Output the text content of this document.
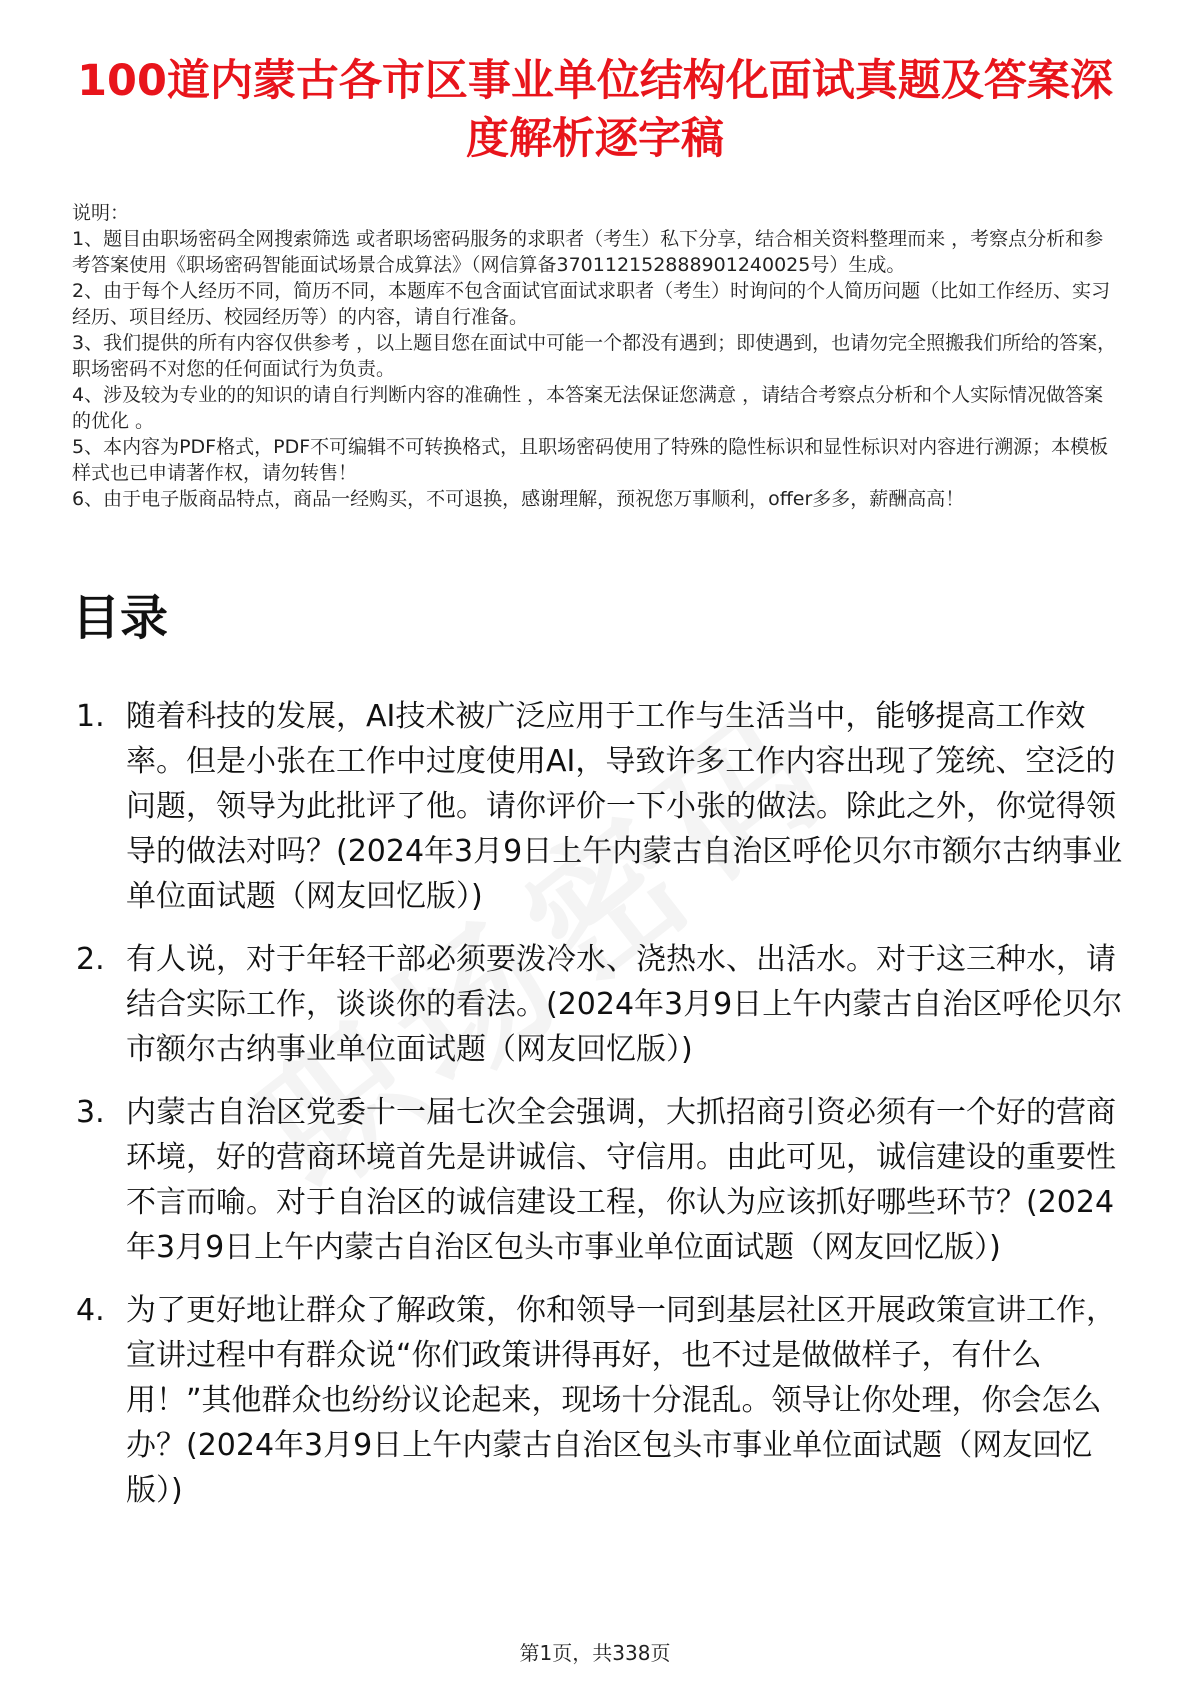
100道内蒙古各市区事业单位结构化面试真题及答案深度解析逐字稿

说明：

1、题目由职场密码全网搜索筛选 或者职场密码服务的求职者（考生）私下分享，结合相关资料整理而来 ，考察点分析和参考答案使用《职场密码智能面试场景合成算法》（网信算备370112152888901240025号）生成。

2、由于每个人经历不同，简历不同，本题库不包含面试官面试求职者（考生）时询问的个人简历问题（比如工作经历、实习经历、项目经历、校园经历等）的内容，请自行准备。

3、我们提供的所有内容仅供参考 ，以上题目您在面试中可能一个都没有遇到；即使遇到，也请勿完全照搬我们所给的答案，职场密码不对您的任何面试行为负责。

4、涉及较为专业的的知识的请自行判断内容的准确性 ，本答案无法保证您满意 ，请结合考察点分析和个人实际情况做答案的优化 。

5、本内容为PDF格式，PDF不可编辑不可转换格式，且职场密码使用了特殊的隐性标识和显性标识对内容进行溯源；本模板样式也已申请著作权，请勿转售！

6、由于电子版商品特点，商品一经购买，不可退换，感谢理解，预祝您万事顺利，offer多多，薪酬高高！

目录
1. 随着科技的发展，AI技术被广泛应用于工作与生活当中，能够提高工作效率。但是小张在工作中过度使用AI，导致许多工作内容出现了笼统、空泛的问题，领导为此批评了他。请你评价一下小张的做法。除此之外，你觉得领导的做法对吗？(2024年3月9日上午内蒙古自治区呼伦贝尔市额尔古纳事业单位面试题（网友回忆版）)
2. 有人说，对于年轻干部必须要泼冷水、浇热水、出活水。对于这三种水，请结合实际工作，谈谈你的看法。(2024年3月9日上午内蒙古自治区呼伦贝尔市额尔古纳事业单位面试题（网友回忆版）)
3. 内蒙古自治区党委十一届七次全会强调，大抓招商引资必须有一个好的营商环境，好的营商环境首先是讲诚信、守信用。由此可见，诚信建设的重要性不言而喻。对于自治区的诚信建设工程，你认为应该抓好哪些环节？(2024年3月9日上午内蒙古自治区包头市事业单位面试题（网友回忆版）)
4. 为了更好地让群众了解政策，你和领导一同到基层社区开展政策宣讲工作，宣讲过程中有群众说“你们政策讲得再好，也不过是做做样子，有什么用！”其他群众也纷纷议论起来，现场十分混乱。领导让你处理，你会怎么办？(2024年3月9日上午内蒙古自治区包头市事业单位面试题（网友回忆版）)
第1页，共338页
